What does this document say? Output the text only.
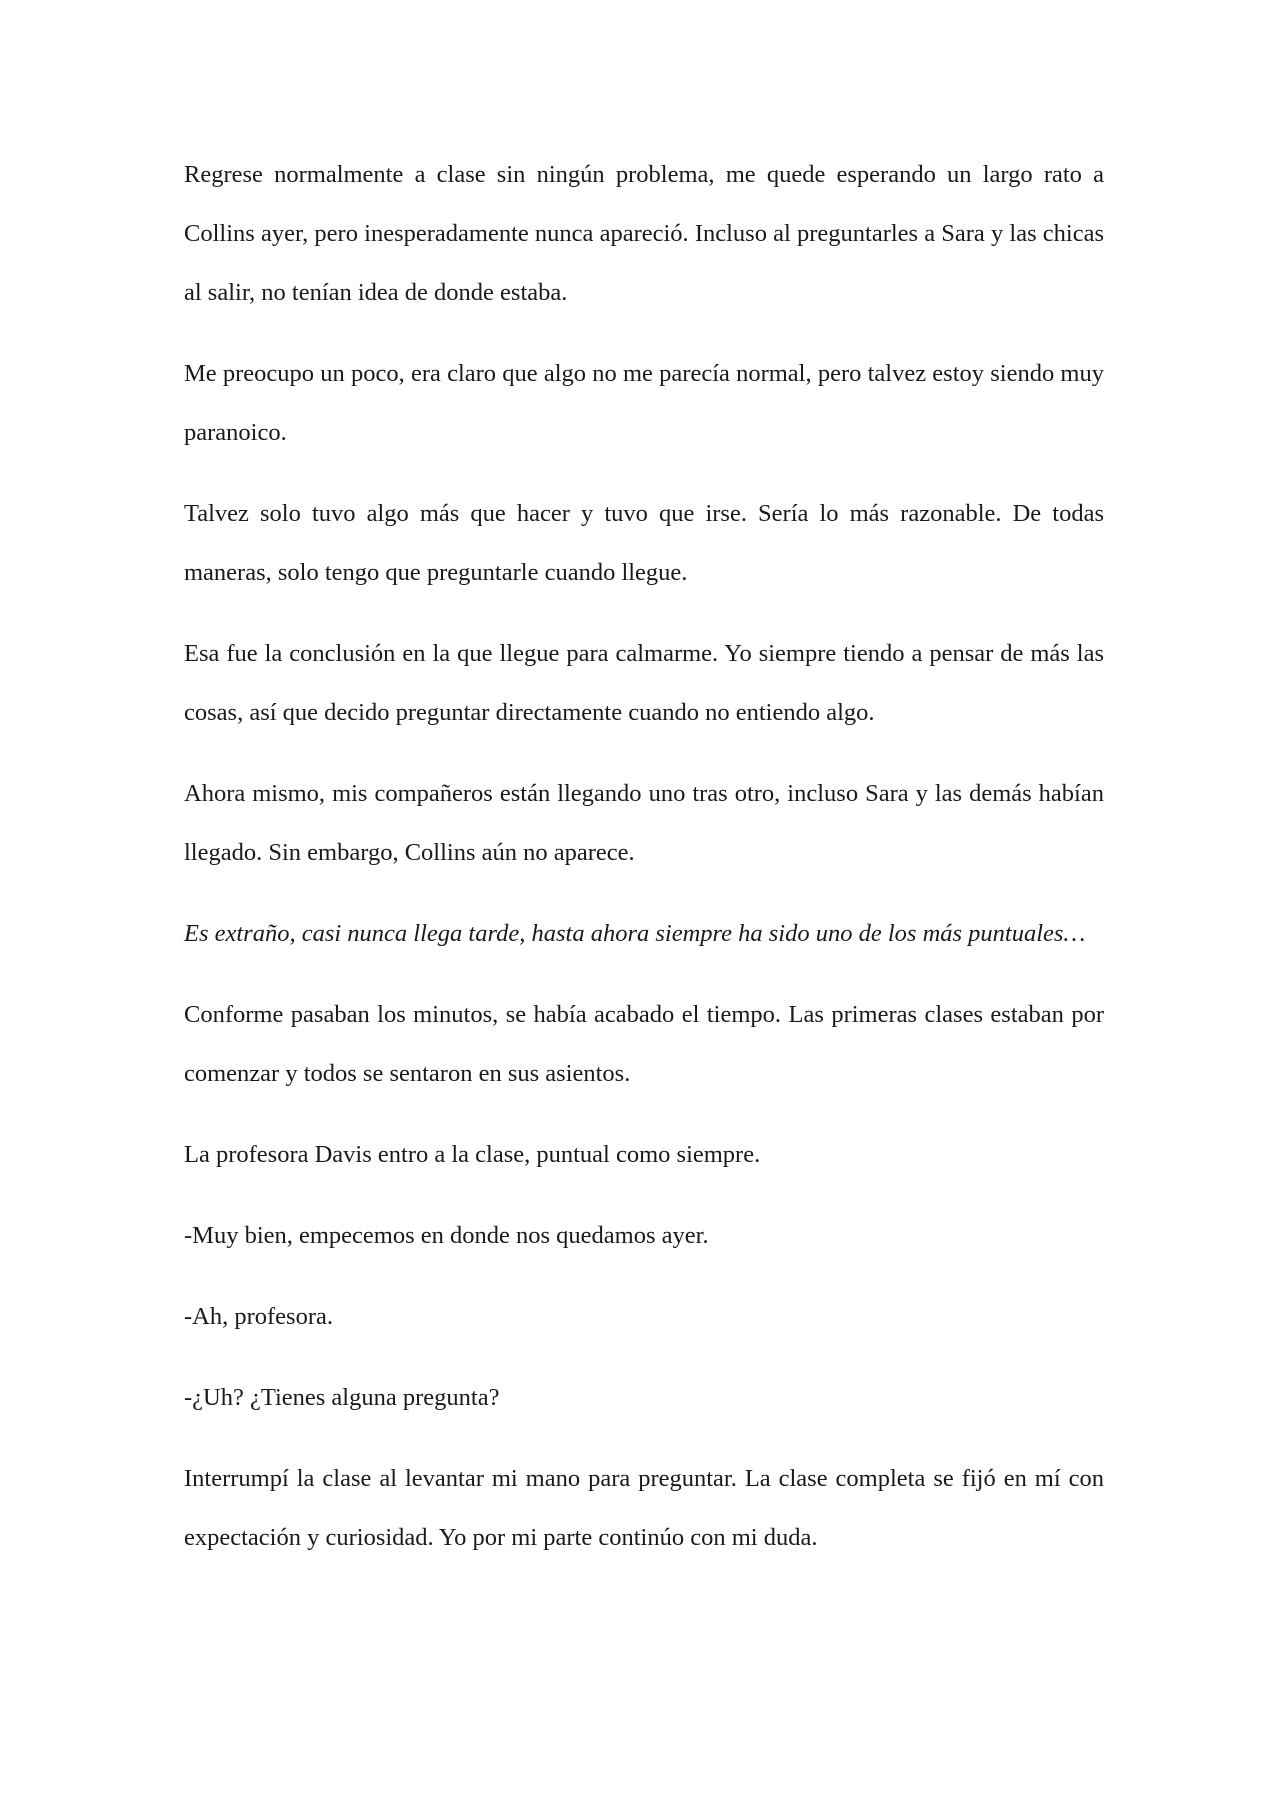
Regrese normalmente a clase sin ningún problema, me quede esperando un largo rato a Collins ayer, pero inesperadamente nunca apareció. Incluso al preguntarles a Sara y las chicas al salir, no tenían idea de donde estaba.

Me preocupo un poco, era claro que algo no me parecía normal, pero talvez estoy siendo muy paranoico.

Talvez solo tuvo algo más que hacer y tuvo que irse. Sería lo más razonable. De todas maneras, solo tengo que preguntarle cuando llegue.

Esa fue la conclusión en la que llegue para calmarme. Yo siempre tiendo a pensar de más las cosas, así que decido preguntar directamente cuando no entiendo algo.

Ahora mismo, mis compañeros están llegando uno tras otro, incluso Sara y las demás habían llegado. Sin embargo, Collins aún no aparece.

Es extraño, casi nunca llega tarde, hasta ahora siempre ha sido uno de los más puntuales…

Conforme pasaban los minutos, se había acabado el tiempo. Las primeras clases estaban por comenzar y todos se sentaron en sus asientos.

La profesora Davis entro a la clase, puntual como siempre.

-Muy bien, empecemos en donde nos quedamos ayer.

-Ah, profesora.

-¿Uh? ¿Tienes alguna pregunta?

Interrumpí la clase al levantar mi mano para preguntar. La clase completa se fijó en mí con expectación y curiosidad. Yo por mi parte continúo con mi duda.
